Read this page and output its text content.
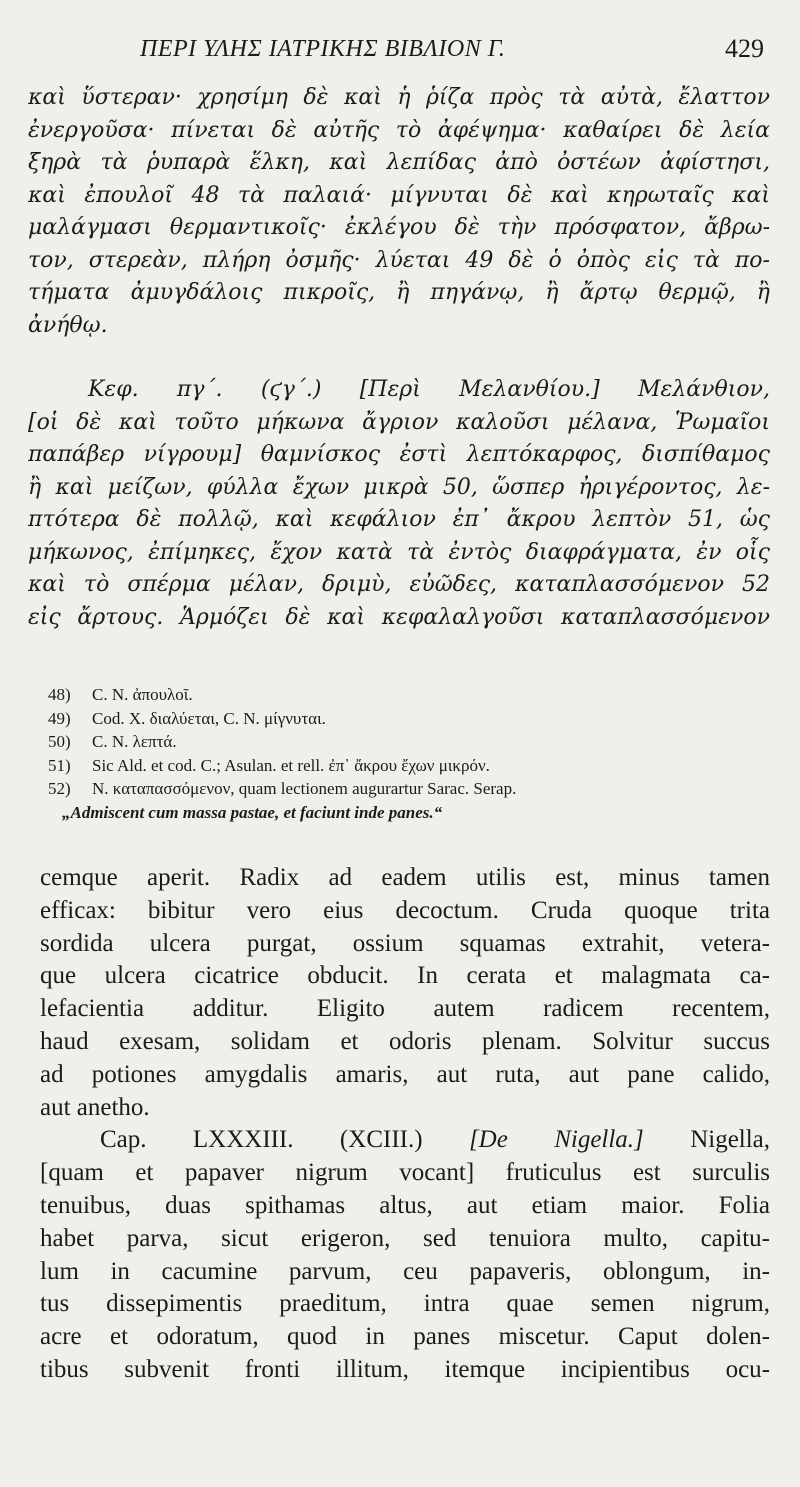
ΠΕΡΙ ΥΛΗΣ ΙΑΤΡΙΚΗΣ ΒΙΒΛΙΟΝ Γ.	429
καὶ ὕστεραν· χρησίμη δὲ καὶ ἡ ῥίζα πρὸς τὰ αὐτὰ, ἔλαττον
ἐνεργοῦσα· πίνεται δὲ αὐτῆς τὸ ἀφέψημα· καθαίρει δὲ λεία
ξηρὰ τὰ ῥυπαρὰ ἕλκη, καὶ λεπίδας ἀπὸ ὀστέων ἀφίστησι,
καὶ ἐπουλοῖ 48 τὰ παλαιά· μίγνυται δὲ καὶ κηρωταῖς καὶ
μαλάγμασι θερμαντικοῖς· ἐκλέγου δὲ τὴν πρόσφατον, ἄβρω-
τον, στερεὰν, πλήρη ὀσμῆς· λύεται 49 δὲ ὁ ὀπὸς εἰς τὰ πο-
τήματα ἀμυγδάλοις πικροῖς, ἢ πηγάνῳ, ἢ ἄρτῳ θερμῷ, ἢ
ἀνήθῳ.
Κεφ. πγ΄. (ϛγ΄.) [Περὶ Μελανθίου.] Μελάνθιον,
[οἱ δὲ καὶ τοῦτο μήκωνα ἄγριον καλοῦσι μέλανα, Ῥωμαῖοι
παπάβερ νίγρουμ] θαμνίσκος ἐστὶ λεπτόκαρφος, δισπίθαμος
ἢ καὶ μείζων, φύλλα ἔχων μικρὰ 50, ὥσπερ ἠριγέροντος, λε-
πτότερα δὲ πολλῷ, καὶ κεφάλιον ἐπ᾽ ἄκρου λεπτὸν 51, ὡς
μήκωνος, ἐπίμηκες, ἔχον κατὰ τὰ ἐντὸς διαφράγματα, ἐν οἷς
καὶ τὸ σπέρμα μέλαν, δριμὺ, εὐῶδες, καταπλασσόμενον 52
εἰς ἄρτους. Ἁρμόζει δὲ καὶ κεφαλαλγοῦσι καταπλασσόμενον
48) C. N. ἀπουλοῖ.
49) Cod. X. διαλύεται, C. N. μίγνυται.
50) C. N. λεπτά.
51) Sic Ald. et cod. C.; Asulan. et rell. ἐπ᾽ ἄκρου ἔχων μικρόν.
52) N. καταπασσόμενον, quam lectionem augurartur Sarac. Serap.
„Admiscent cum massa pastae, et faciunt inde panes.“
cemque aperit. Radix ad eadem utilis est, minus tamen
efficax: bibitur vero eius decoctum. Cruda quoque trita
sordida ulcera purgat, ossium squamas extrahit, vetera-
que ulcera cicatrice obducit. In cerata et malagmata ca-
lefacientia additur. Eligito autem radicem recentem,
haud exesam, solidam et odoris plenam. Solvitur succus
ad potiones amygdalis amaris, aut ruta, aut pane calido,
aut anetho.
Cap. LXXXIII. (XCIII.) [De Nigella.] Nigella,
[quam et papaver nigrum vocant] fruticulus est surculis
tenuibus, duas spithamas altus, aut etiam maior. Folia
habet parva, sicut erigeron, sed tenuiora multo, capitu-
lum in cacumine parvum, ceu papaveris, oblongum, in-
tus dissepimentis praeditum, intra quae semen nigrum,
acre et odoratum, quod in panes miscetur. Caput dolen-
tibus subvenit fronti illitum, itemque incipientibus ocu-
